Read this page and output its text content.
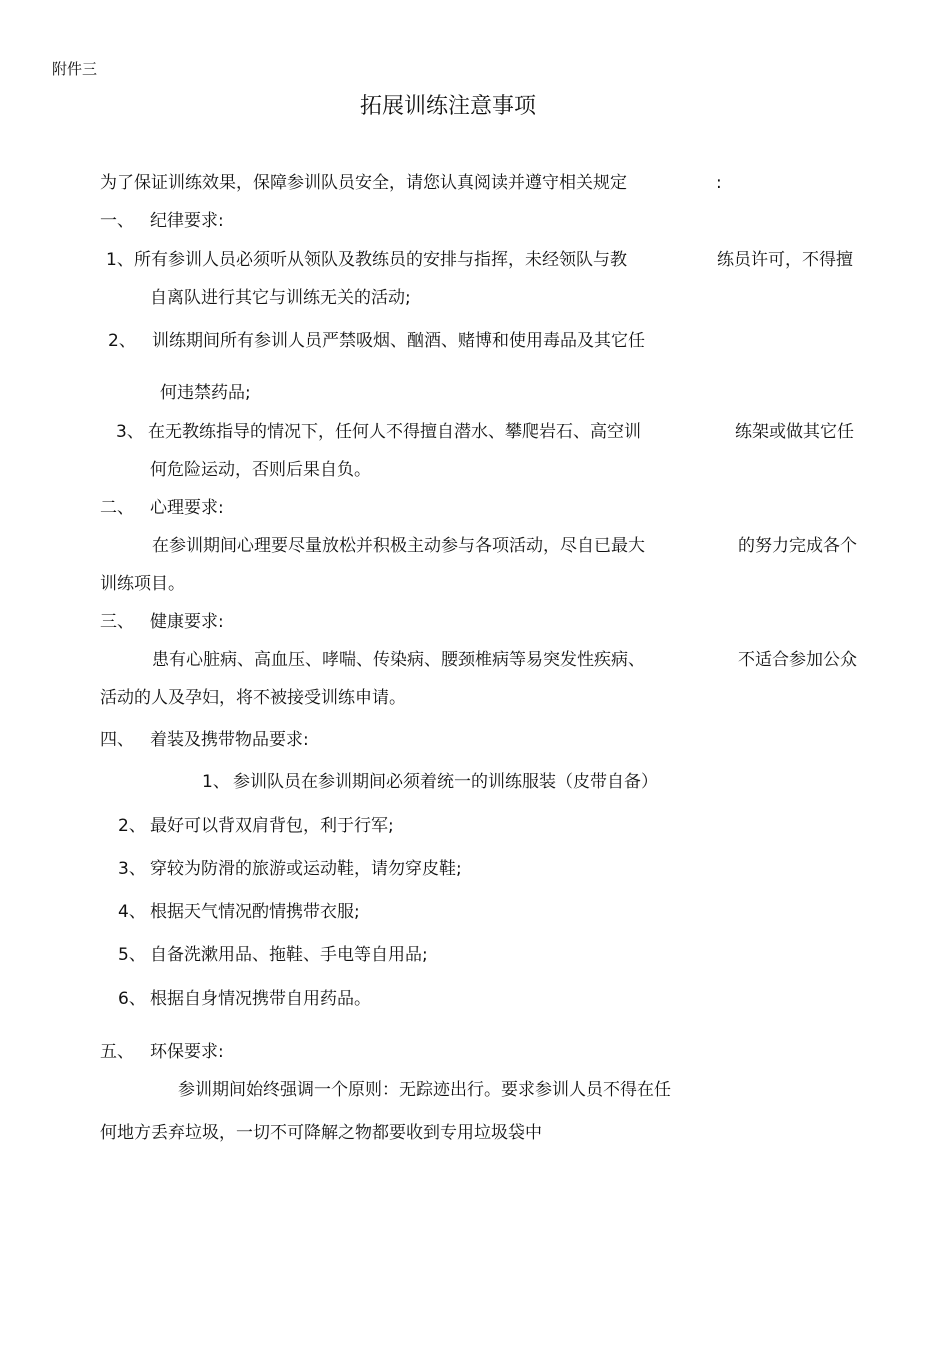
附件三
拓展训练注意事项
为了保证训练效果，保障参训队员安全，请您认真阅读并遵守相关规定	:
一、 纪律要求:
1、 所有参训人员必须听从领队及教练员的安排与指挥，未经领队与教	练员许可，不得擅
自离队进行其它与训练无关的活动;
2、 训练期间所有参训人员严禁吸烟、酗酒、赌博和使用毒品及其它任
何违禁药品;
3、 在无教练指导的情况下，任何人不得擅自潜水、攀爬岩石、高空训	练架或做其它任
何危险运动，否则后果自负。
二、 心理要求:
在参训期间心理要尽量放松并积极主动参与各项活动，尽自已最大	的努力完成各个
训练项目。
三、 健康要求:
患有心脏病、高血压、哮喘、传染病、腰颈椎病等易突发性疾病、	不适合参加公众
活动的人及孕妇，将不被接受训练申请。
四、 着装及携带物品要求:
1、 参训队员在参训期间必须着统一的训练服装（皮带自备）
2、 最好可以背双肩背包，利于行军;
3、 穿较为防滑的旅游或运动鞋，请勿穿皮鞋;
4、 根据天气情况酌情携带衣服;
5、 自备洗漱用品、拖鞋、手电等自用品;
6、 根据自身情况携带自用药品。
五、 环保要求:
参训期间始终强调一个原则：无踪迹出行。要求参训人员不得在任
何地方丢弃垃圾，一切不可降解之物都要收到专用垃圾袋中
